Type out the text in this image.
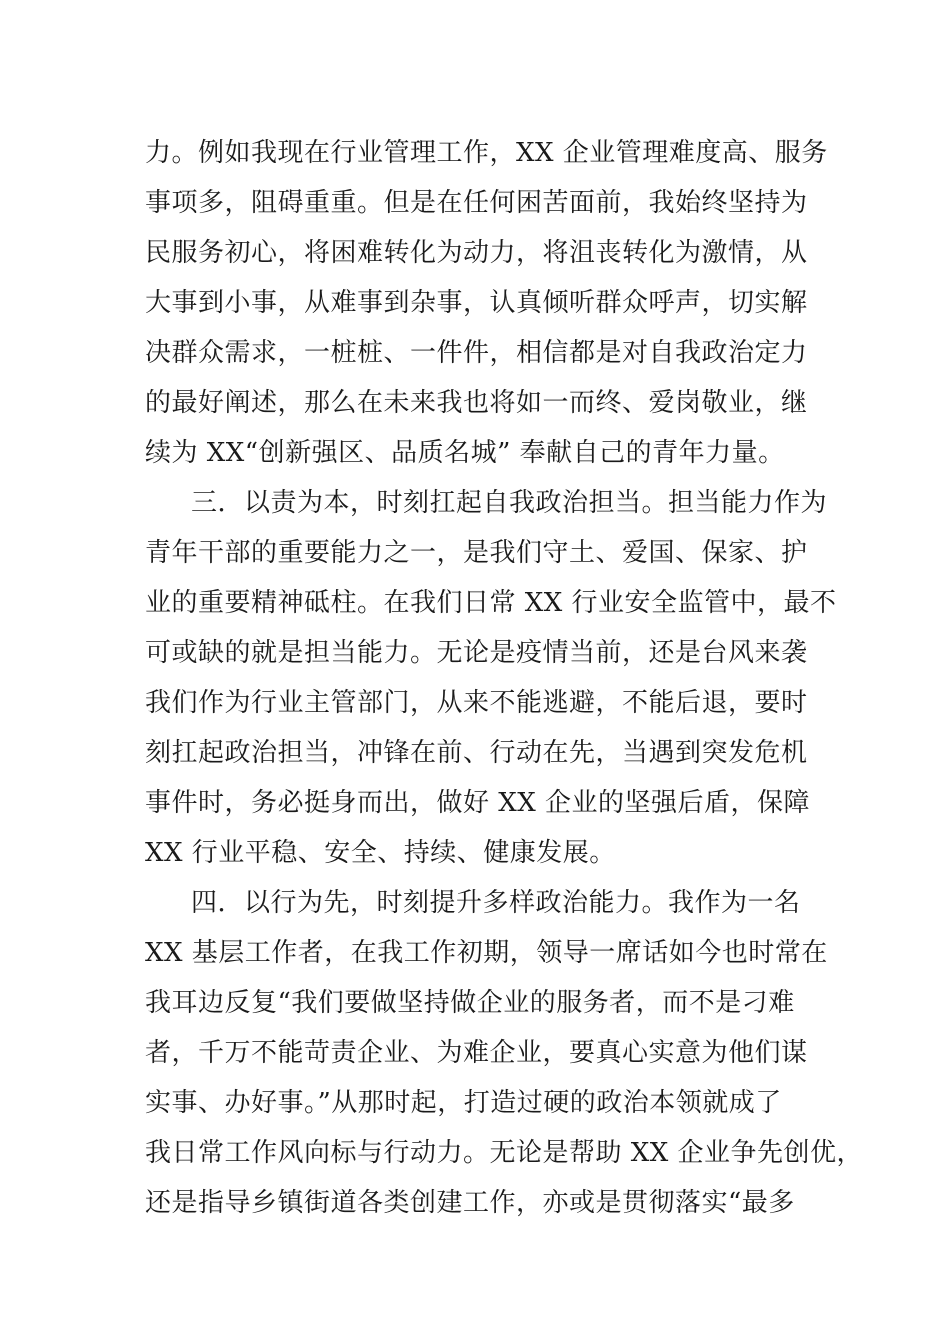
力。例如我现在行业管理工作，XX 企业管理难度高、服务
事项多，阻碍重重。但是在任何困苦面前，我始终坚持为
民服务初心，将困难转化为动力，将沮丧转化为激情，从
大事到小事，从难事到杂事，认真倾听群众呼声，切实解
决群众需求，一桩桩、一件件，相信都是对自我政治定力
的最好阐述，那么在未来我也将如一而终、爱岗敬业，继
续为 XX“创新强区、品质名城” 奉献自己的青年力量。
三．以责为本，时刻扛起自我政治担当。担当能力作为
青年干部的重要能力之一，是我们守土、爱国、保家、护
业的重要精神砥柱。在我们日常 XX 行业安全监管中，最不
可或缺的就是担当能力。无论是疫情当前，还是台风来袭
我们作为行业主管部门，从来不能逃避，不能后退，要时
刻扛起政治担当，冲锋在前、行动在先，当遇到突发危机
事件时，务必挺身而出，做好 XX 企业的坚强后盾，保障
XX 行业平稳、安全、持续、健康发展。
四．以行为先，时刻提升多样政治能力。我作为一名
XX 基层工作者，在我工作初期，领导一席话如今也时常在
我耳边反复“我们要做坚持做企业的服务者，而不是刁难
者，千万不能苛责企业、为难企业，要真心实意为他们谋
实事、办好事。”从那时起，打造过硬的政治本领就成了
我日常工作风向标与行动力。无论是帮助 XX 企业争先创优，
还是指导乡镇街道各类创建工作，亦或是贯彻落实“最多
